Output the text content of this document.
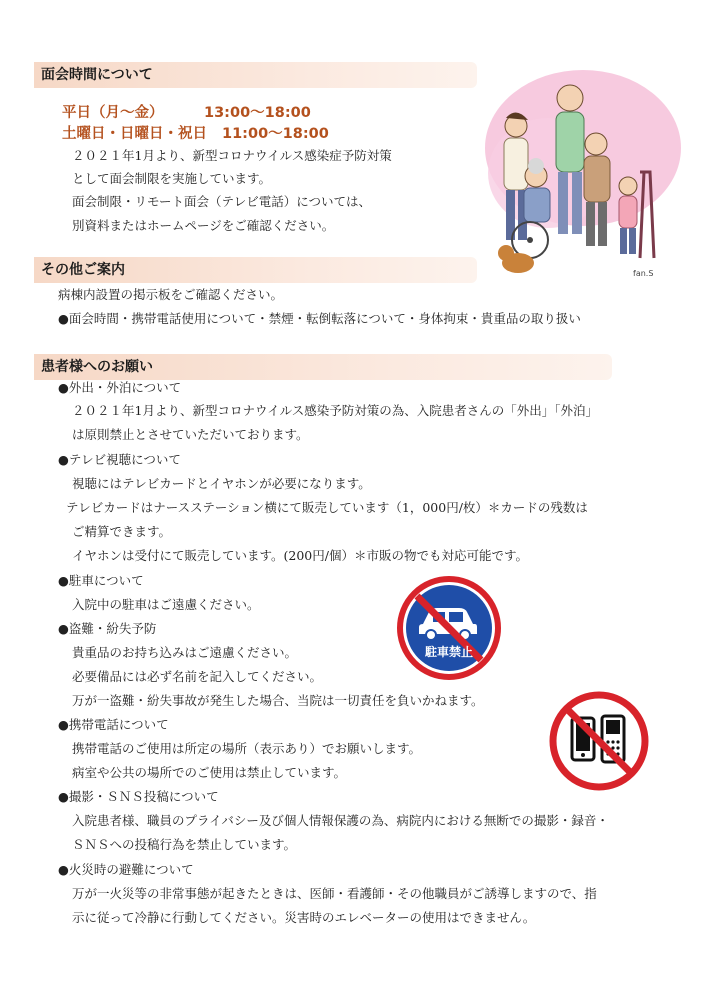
面会時間について
平日（月～金）	13:00～18:00
土曜日・日曜日・祝日 11:00～18:00
２０２１年1月より、新型コロナウイルス感染症予防対策
として面会制限を実施しています。
面会制限・リモート面会（テレビ電話）については、
別資料またはホームページをご確認ください。
fan.S
その他ご案内
病棟内設置の掲示板をご確認ください。
●面会時間・携帯電話使用について・禁煙・転倒転落について・身体拘束・貴重品の取り扱い
患者様へのお願い
●外出・外泊について
２０２１年1月より、新型コロナウイルス感染予防対策の為、入院患者さんの「外出」「外泊」
は原則禁止とさせていただいております。
●テレビ視聴について
視聴にはテレビカードとイヤホンが必要になります。
テレビカードはナースステーション横にて販売しています（1，000円/枚）＊カードの残数は
ご精算できます。
イヤホンは受付にて販売しています。(200円/個）＊市販の物でも対応可能です。
●駐車について
入院中の駐車はご遠慮ください。
●盗難・紛失予防
貴重品のお持ち込みはご遠慮ください。
必要備品には必ず名前を記入してください。
万が一盗難・紛失事故が発生した場合、当院は一切責任を負いかねます。
●携帯電話について
携帯電話のご使用は所定の場所（表示あり）でお願いします。
病室や公共の場所でのご使用は禁止しています。
●撮影・ＳＮＳ投稿について
入院患者様、職員のプライバシー及び個人情報保護の為、病院内における無断での撮影・録音・
ＳＮＳへの投稿行為を禁止しています。
●火災時の避難について
万が一火災等の非常事態が起きたときは、医師・看護師・その他職員がご誘導しますので、指
示に従って冷静に行動してください。災害時のエレベーターの使用はできません。
駐車禁止
